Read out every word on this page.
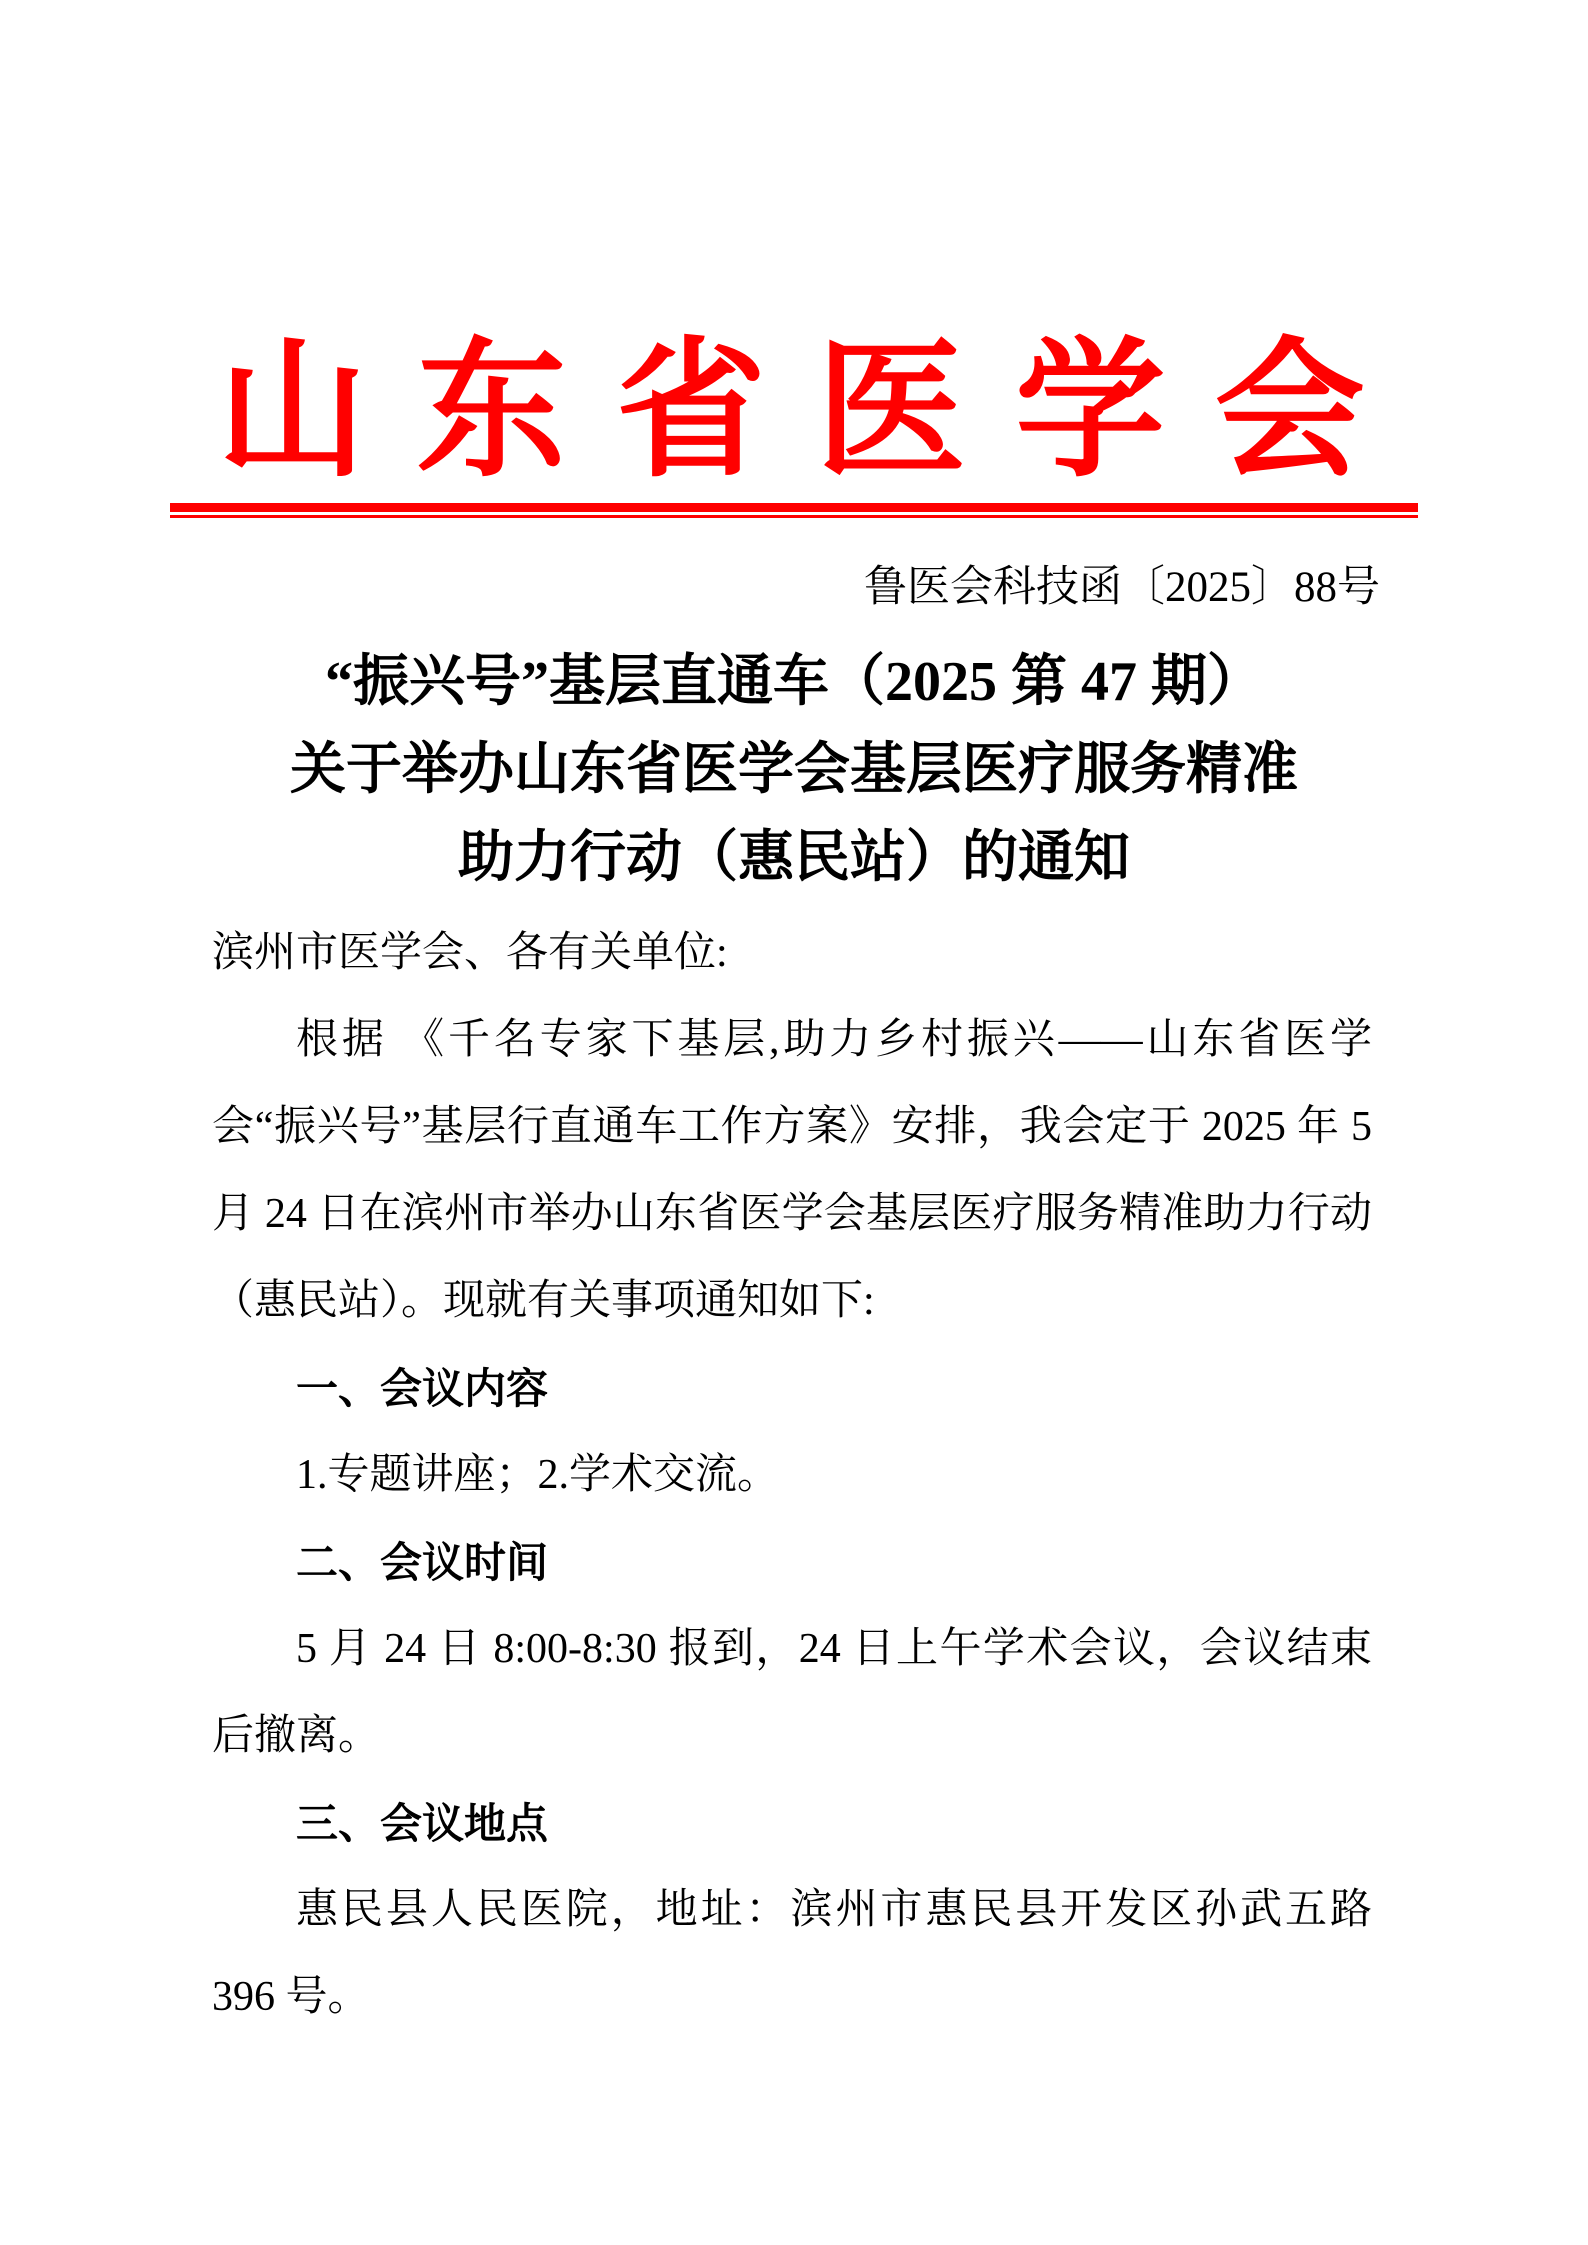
山 东 省 医 学 会
鲁医会科技函〔2025〕88号
“振兴号”基层直通车（2025 第 47 期）
关于举办山东省医学会基层医疗服务精准
助力行动（惠民站）的通知

滨州市医学会、各有关单位:

根据 《千名专家下基层,助力乡村振兴——山东省医学会“振兴号”基层行直通车工作方案》安排，我会定于 2025 年 5 月 24 日在滨州市举办山东省医学会基层医疗服务精准助力行动（惠民站）。现就有关事项通知如下:

一、会议内容

1.专题讲座；2.学术交流。

二、会议时间

5 月 24 日 8:00-8:30 报到，24 日上午学术会议，会议结束后撤离。

三、会议地点

惠民县人民医院，地址：滨州市惠民县开发区孙武五路 396 号。
